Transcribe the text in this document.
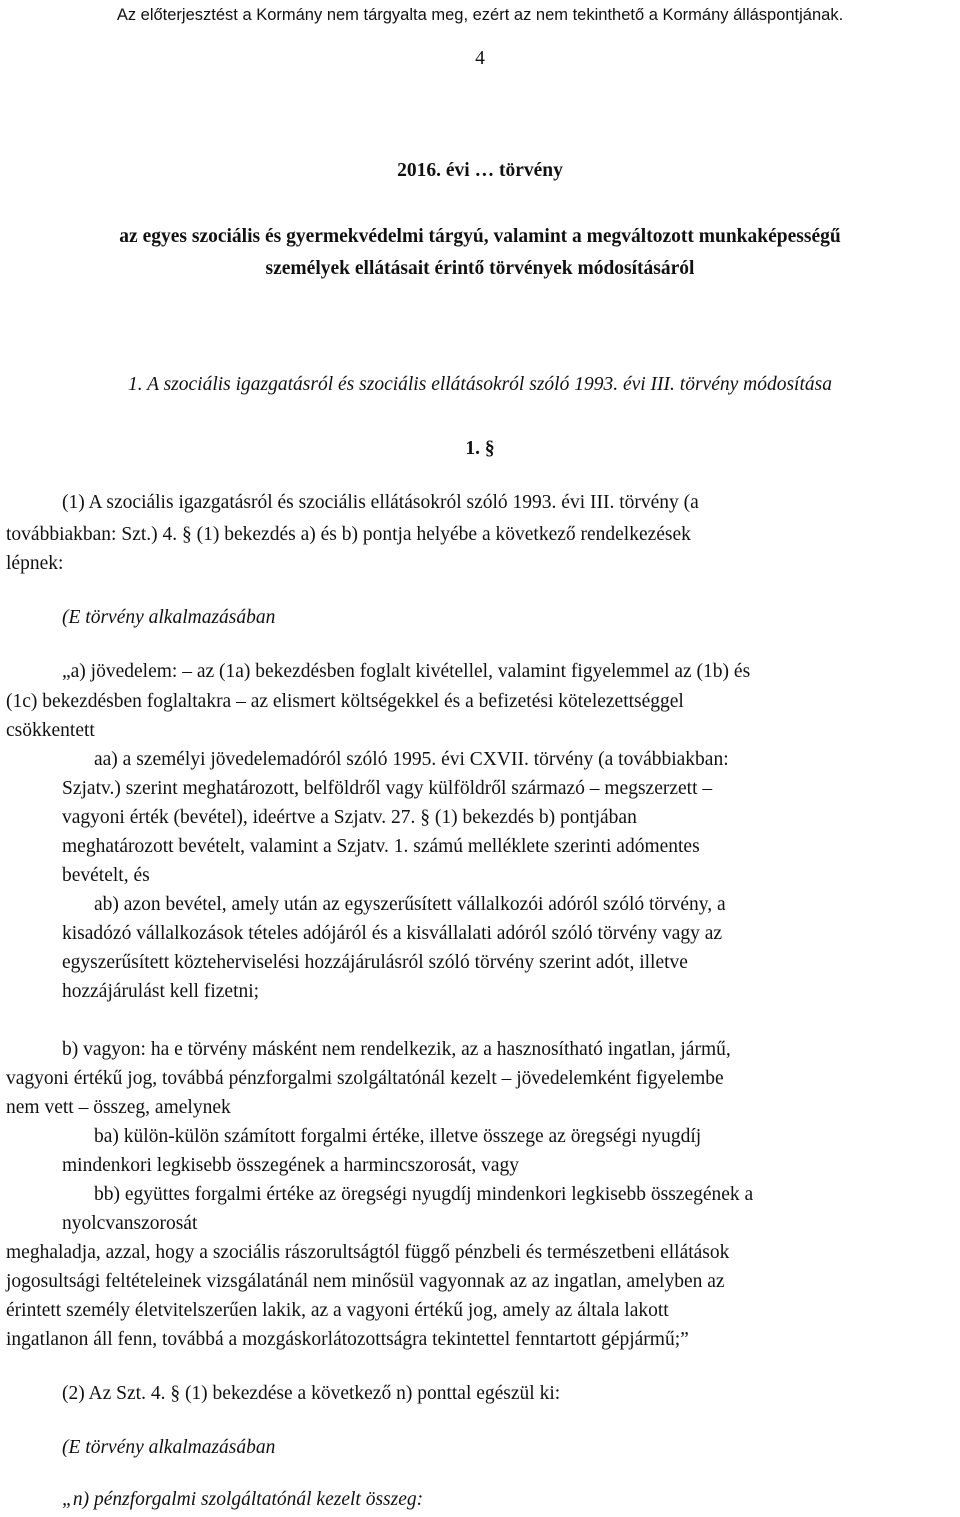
Az előterjesztést a Kormány nem tárgyalta meg, ezért az nem tekinthető a Kormány álláspontjának.
4
2016. évi … törvény
az egyes szociális és gyermekvédelmi tárgyú, valamint a megváltozott munkaképességű
személyek ellátásait érintő törvények módosításáról
1. A szociális igazgatásról és szociális ellátásokról szóló 1993. évi III. törvény módosítása
1. §
(1) A szociális igazgatásról és szociális ellátásokról szóló 1993. évi III. törvény (a
továbbiakban: Szt.) 4. § (1) bekezdés a) és b) pontja helyébe a következő rendelkezések
lépnek:
(E törvény alkalmazásában
„a) jövedelem: – az (1a) bekezdésben foglalt kivétellel, valamint figyelemmel az (1b) és
(1c) bekezdésben foglaltakra – az elismert költségekkel és a befizetési kötelezettséggel
csökkentett
aa) a személyi jövedelemadóról szóló 1995. évi CXVII. törvény (a továbbiakban:
Szjatv.) szerint meghatározott, belföldről vagy külföldről származó – megszerzett –
vagyoni érték (bevétel), ideértve a Szjatv. 27. § (1) bekezdés b) pontjában
meghatározott bevételt, valamint a Szjatv. 1. számú melléklete szerinti adómentes
bevételt, és
ab) azon bevétel, amely után az egyszerűsített vállalkozói adóról szóló törvény, a
kisadózó vállalkozások tételes adójáról és a kisvállalati adóról szóló törvény vagy az
egyszerűsített közteherviselési hozzájárulásról szóló törvény szerint adót, illetve
hozzájárulást kell fizetni;
b) vagyon: ha e törvény másként nem rendelkezik, az a hasznosítható ingatlan, jármű,
vagyoni értékű jog, továbbá pénzforgalmi szolgáltatónál kezelt – jövedelemként figyelembe
nem vett – összeg, amelynek
ba) külön-külön számított forgalmi értéke, illetve összege az öregségi nyugdíj
mindenkori legkisebb összegének a harmincszorosát, vagy
bb) együttes forgalmi értéke az öregségi nyugdíj mindenkori legkisebb összegének a
nyolcvanszorosát
meghaladja, azzal, hogy a szociális rászorultságtól függő pénzbeli és természetbeni ellátások
jogosultsági feltételeinek vizsgálatánál nem minősül vagyonnak az az ingatlan, amelyben az
érintett személy életvitelszerűen lakik, az a vagyoni értékű jog, amely az általa lakott
ingatlanon áll fenn, továbbá a mozgáskorlátozottságra tekintettel fenntartott gépjármű;”
(2) Az Szt. 4. § (1) bekezdése a következő n) ponttal egészül ki:
(E törvény alkalmazásában
„n) pénzforgalmi szolgáltatónál kezelt összeg:
